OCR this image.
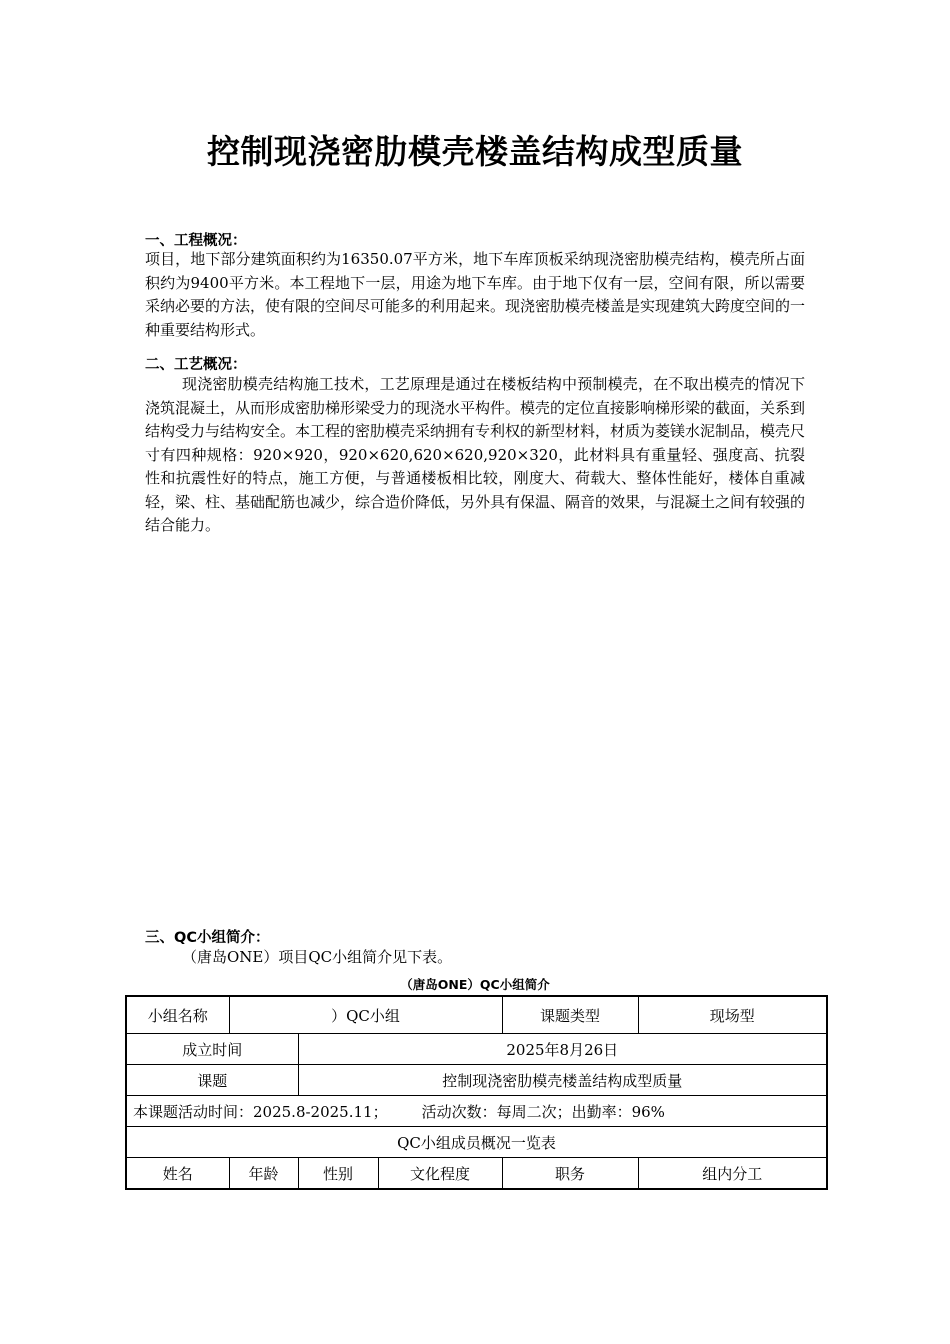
控制现浇密肋模壳楼盖结构成型质量
一、工程概况：
项目，地下部分建筑面积约为16350.07平方米，地下车库顶板采纳现浇密肋模壳结构，模壳所占面积约为9400平方米。本工程地下一层，用途为地下车库。由于地下仅有一层，空间有限，所以需要采纳必要的方法，使有限的空间尽可能多的利用起来。现浇密肋模壳楼盖是实现建筑大跨度空间的一种重要结构形式。
二、工艺概况：
现浇密肋模壳结构施工技术，工艺原理是通过在楼板结构中预制模壳，在不取出模壳的情况下浇筑混凝土，从而形成密肋梯形梁受力的现浇水平构件。模壳的定位直接影响梯形梁的截面，关系到结构受力与结构安全。本工程的密肋模壳采纳拥有专利权的新型材料，材质为菱镁水泥制品，模壳尺寸有四种规格：920×920，920×620,620×620,920×320，此材料具有重量轻、强度高、抗裂性和抗震性好的特点，施工方便，与普通楼板相比较，刚度大、荷载大、整体性能好，楼体自重减轻，梁、柱、基础配筋也减少，综合造价降低，另外具有保温、隔音的效果，与混凝土之间有较强的结合能力。
三、QC小组简介：
（唐岛ONE）项目QC小组简介见下表。
（唐岛ONE）QC小组简介
小组名称	）QC小组			课题类型	现场型
成立时间		2025年8月26日			
课题		控制现浇密肋模壳楼盖结构成型质量			
本课题活动时间：2025.8-2025.11； 活动次数：每周二次；出勤率：96%					
QC小组成员概况一览表					
姓名	年龄	性别	文化程度	职务	组内分工
